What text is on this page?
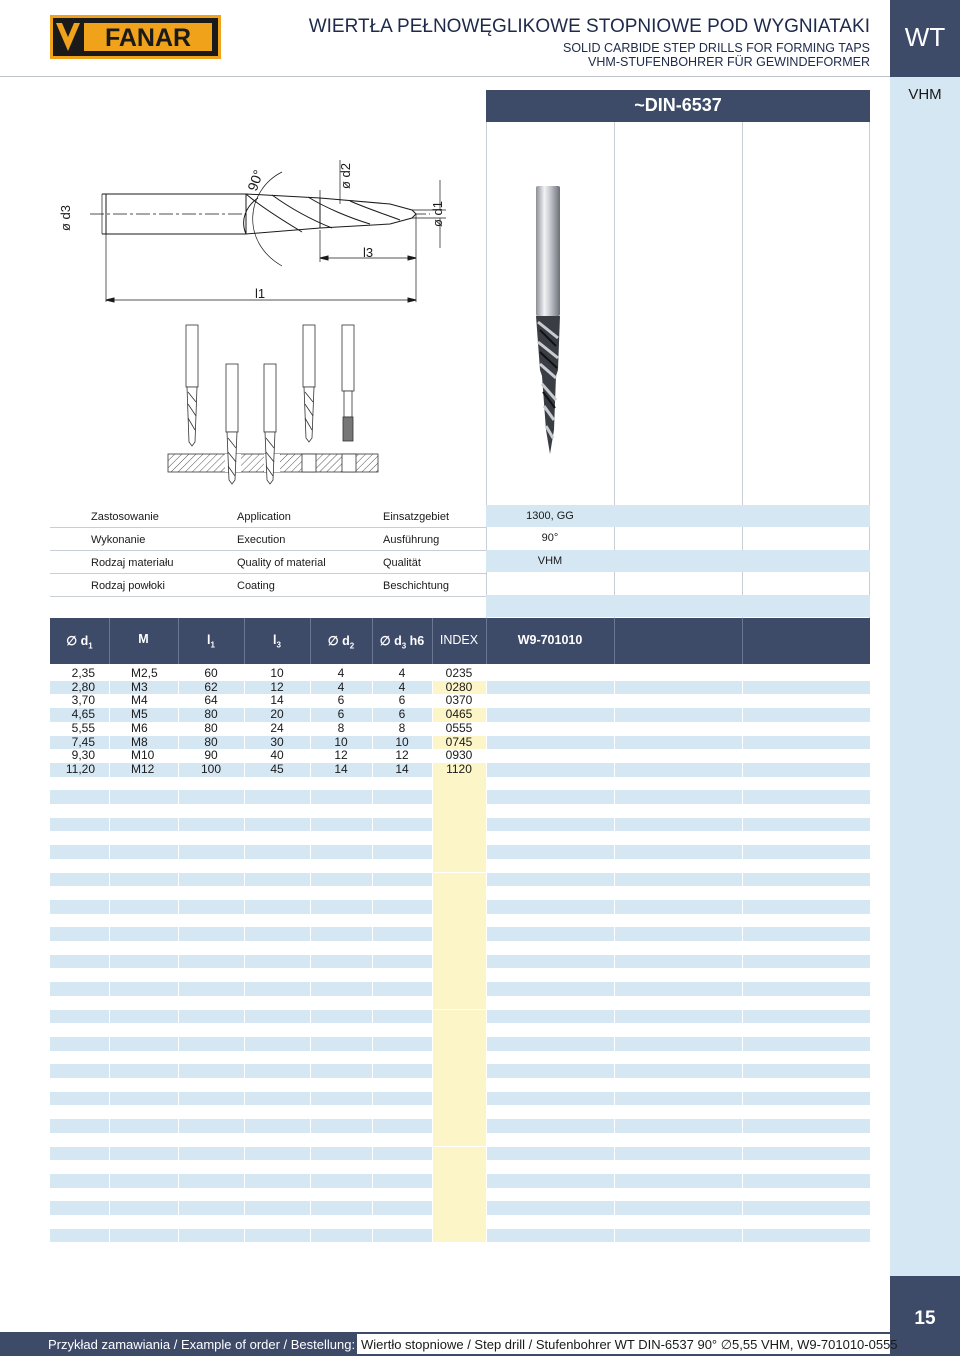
WT
VHM
15
FANAR
®	WIERTŁA PEŁNOWĘGLIKOWE STOPNIOWE POD WYGNIATAKI
SOLID CARBIDE STEP DRILLS FOR FORMING TAPS
VHM-STUFENBOHRER FÜR GEWINDEFORMER
~DIN-6537
ø d3
90°	ø d2
ø d1
l3
l1
Zastosowanie	Application	Einsatzgebiet	1300, GG
Wykonanie	Execution	Ausführung	90°
Rodzaj materiału	Quality of material	Qualität	VHM
Rodzaj powłoki	Coating	Beschichtung
∅ $d_1$	M	$l_1$	$l_3$	∅ $d_2$	∅ $d_3$ h6	INDEX	W9-701010
2,35	M2,5	60	10	4	4	0235
2,80	M3	62	12	4	4	0280
3,70	M4	64	14	6	6	0370
4,65	M5	80	20	6	6	0465
5,55	M6	80	24	8	8	0555
7,45	M8	80	30	10	10	0745
9,30	M10	90	40	12	12	0930
11,20	M12	100	45	14	14	1120
Przykład zamawiania / Example of order / Bestellung: Wiertło stopniowe / Step drill / Stufenbohrer WT DIN-6537 90° ∅5,55 VHM, W9-701010-0555
